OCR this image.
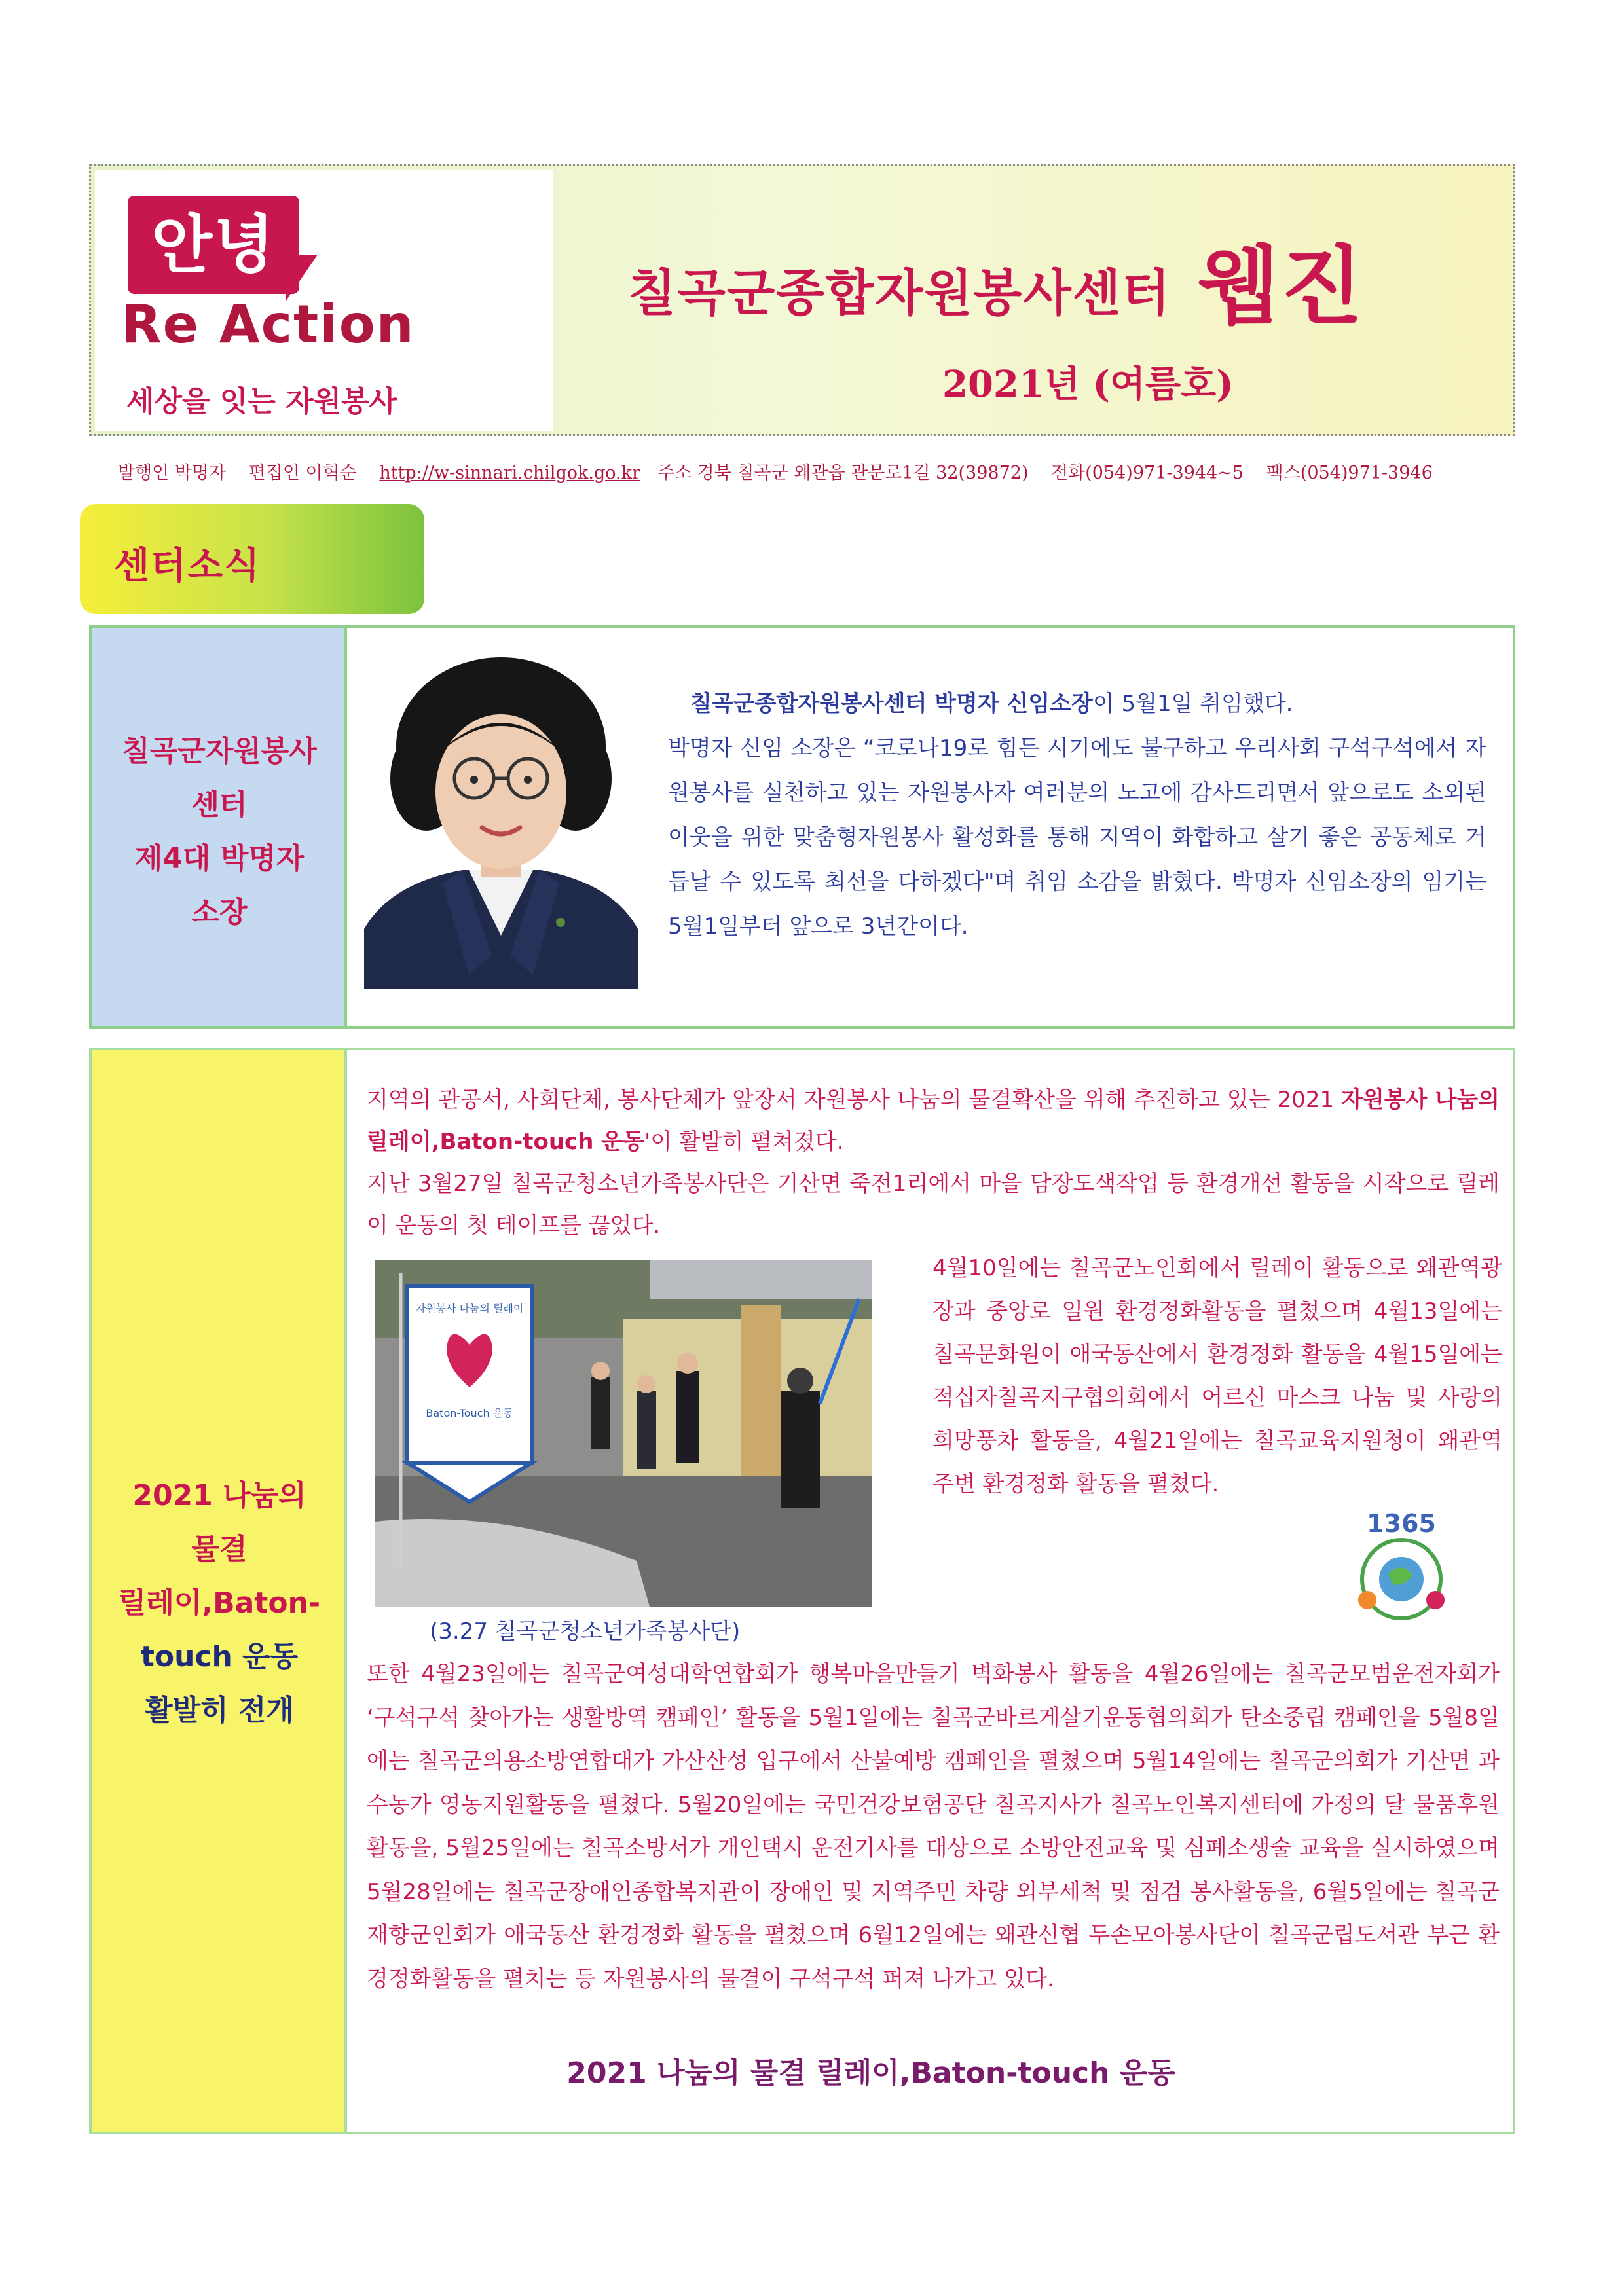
안녕
Re Action
세상을 잇는 자원봉사
칠곡군종합자원봉사센터 웹진
2021년 (여름호)
발행인 박명자 편집인 이혁순 http://w-sinnari.chilgok.go.kr 주소 경북 칠곡군 왜관읍 관문로1길 32(39872) 전화(054)971-3944~5 팩스(054)971-3946
센터소식
칠곡군자원봉사
센터
제4대 박명자
소장
칠곡군종합자원봉사센터 박명자 신임소장이 5월1일 취임했다.
박명자 신임 소장은 “코로나19로 힘든 시기에도 불구하고 우리사회 구석구석에서 자원봉사를 실천하고 있는 자원봉사자 여러분의 노고에 감사드리면서 앞으로도 소외된 이웃을 위한 맞춤형자원봉사 활성화를 통해 지역이 화합하고 살기 좋은 공동체로 거듭날 수 있도록 최선을 다하겠다"며 취임 소감을 밝혔다. 박명자 신임소장의 임기는 5월1일부터 앞으로 3년간이다.
2021 나눔의
물결
릴레이,Baton-
touch 운동
활발히 전개
지역의 관공서, 사회단체, 봉사단체가 앞장서 자원봉사 나눔의 물결확산을 위해 추진하고 있는 2021 자원봉사 나눔의 릴레이,Baton-touch 운동'이 활발히 펼쳐졌다.
지난 3월27일 칠곡군청소년가족봉사단은 기산면 죽전1리에서 마을 담장도색작업 등 환경개선 활동을 시작으로 릴레이 운동의 첫 테이프를 끊었다.
자원봉사 나눔의 릴레이
Baton-Touch 운동
4월10일에는 칠곡군노인회에서 릴레이 활동으로 왜관역광장과 중앙로 일원 환경정화활동을 펼쳤으며 4월13일에는 칠곡문화원이 애국동산에서 환경정화 활동을 4월15일에는 적십자칠곡지구협의회에서 어르신 마스크 나눔 및 사랑의 희망풍차 활동을, 4월21일에는 칠곡교육지원청이 왜관역 주변 환경정화 활동을 펼쳤다.
1365
(3.27 칠곡군청소년가족봉사단)
또한 4월23일에는 칠곡군여성대학연합회가 행복마을만들기 벽화봉사 활동을 4월26일에는 칠곡군모범운전자회가 ‘구석구석 찾아가는 생활방역 캠페인’ 활동을 5월1일에는 칠곡군바르게살기운동협의회가 탄소중립 캠페인을 5월8일에는 칠곡군의용소방연합대가 가산산성 입구에서 산불예방 캠페인을 펼쳤으며 5월14일에는 칠곡군의회가 기산면 과수농가 영농지원활동을 펼쳤다. 5월20일에는 국민건강보험공단 칠곡지사가 칠곡노인복지센터에 가정의 달 물품후원활동을, 5월25일에는 칠곡소방서가 개인택시 운전기사를 대상으로 소방안전교육 및 심폐소생술 교육을 실시하였으며 5월28일에는 칠곡군장애인종합복지관이 장애인 및 지역주민 차량 외부세척 및 점검 봉사활동을, 6월5일에는 칠곡군재향군인회가 애국동산 환경정화 활동을 펼쳤으며 6월12일에는 왜관신협 두손모아봉사단이 칠곡군립도서관 부근 환경정화활동을 펼치는 등 자원봉사의 물결이 구석구석 퍼져 나가고 있다.
2021 나눔의 물결 릴레이,Baton-touch 운동
